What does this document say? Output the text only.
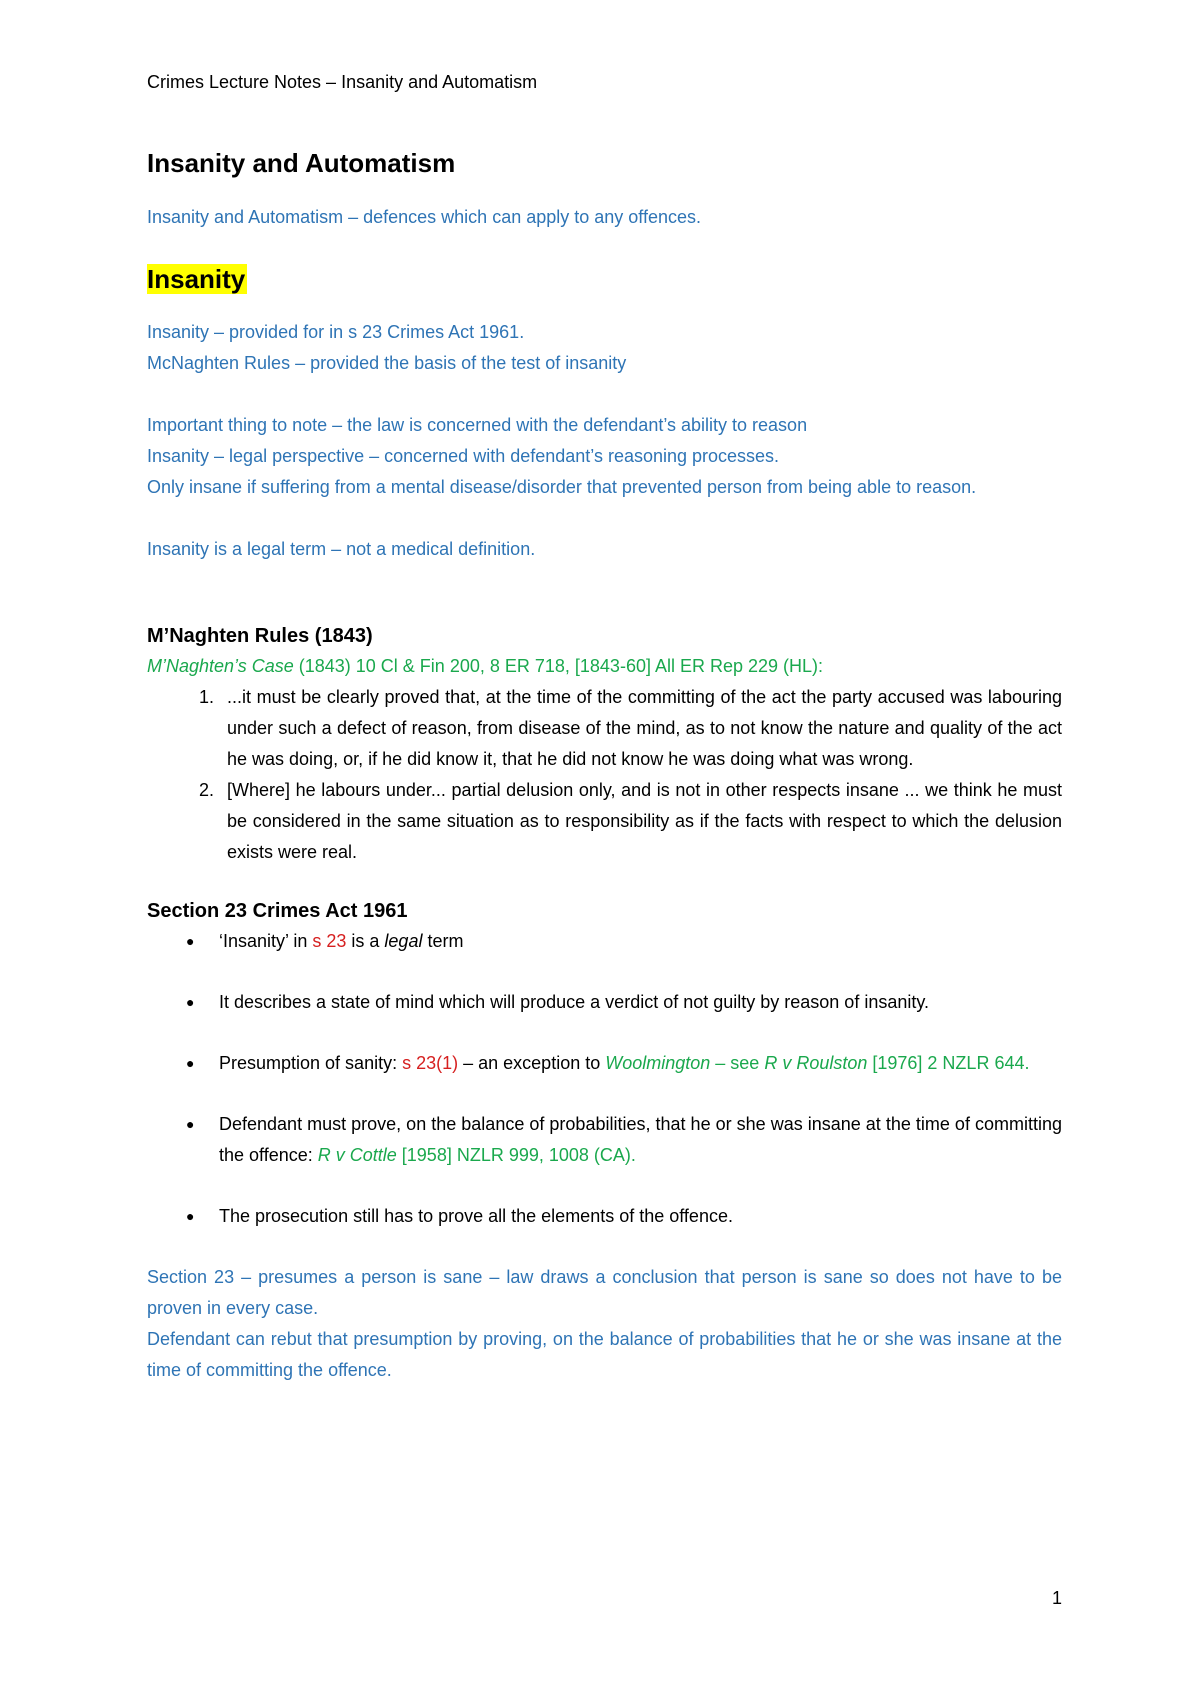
Crimes Lecture Notes – Insanity and Automatism
Insanity and Automatism

Insanity and Automatism – defences which can apply to any offences.

Insanity

Insanity – provided for in s 23 Crimes Act 1961.

McNaghten Rules – provided the basis of the test of insanity

Important thing to note – the law is concerned with the defendant’s ability to reason

Insanity – legal perspective – concerned with defendant’s reasoning processes.

Only insane if suffering from a mental disease/disorder that prevented person from being able to reason.

Insanity is a legal term – not a medical definition.

M’Naghten Rules (1843)

M’Naghten’s Case (1843) 10 Cl & Fin 200, 8 ER 718, [1843-60] All ER Rep 229 (HL):

1. ...it must be clearly proved that, at the time of the committing of the act the party accused was labouring under such a defect of reason, from disease of the mind, as to not know the nature and quality of the act he was doing, or, if he did know it, that he did not know he was doing what was wrong.
2. [Where] he labours under... partial delusion only, and is not in other respects insane ... we think he must be considered in the same situation as to responsibility as if the facts with respect to which the delusion exists were real.
Section 23 Crimes Act 1961
● ‘Insanity’ in s 23 is a legal term
● It describes a state of mind which will produce a verdict of not guilty by reason of insanity.
● Presumption of sanity: s 23(1) – an exception to Woolmington – see R v Roulston [1976] 2 NZLR 644.
● Defendant must prove, on the balance of probabilities, that he or she was insane at the time of committing the offence: R v Cottle [1958] NZLR 999, 1008 (CA).
● The prosecution still has to prove all the elements of the offence.

Section 23 – presumes a person is sane – law draws a conclusion that person is sane so does not have to be proven in every case.

Defendant can rebut that presumption by proving, on the balance of probabilities that he or she was insane at the time of committing the offence.

1
